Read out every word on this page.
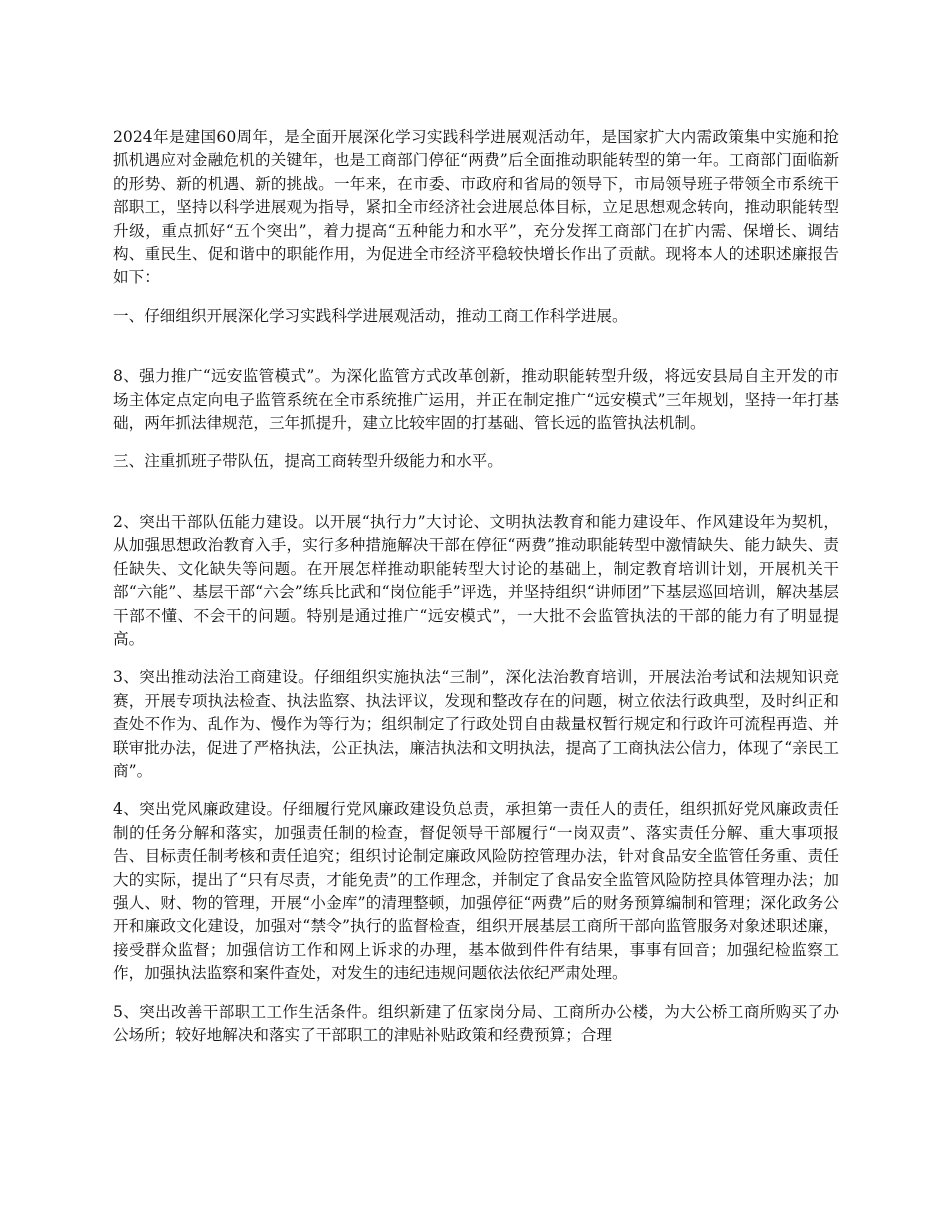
2024年是建国60周年，是全面开展深化学习实践科学进展观活动年，是国家扩大内需政策集中实施和抢抓机遇应对金融危机的关键年，也是工商部门停征“两费”后全面推动职能转型的第一年。工商部门面临新的形势、新的机遇、新的挑战。一年来，在市委、市政府和省局的领导下，市局领导班子带领全市系统干部职工，坚持以科学进展观为指导，紧扣全市经济社会进展总体目标，立足思想观念转向，推动职能转型升级，重点抓好“五个突出”，着力提高“五种能力和水平”，充分发挥工商部门在扩内需、保增长、调结构、重民生、促和谐中的职能作用，为促进全市经济平稳较快增长作出了贡献。现将本人的述职述廉报告如下：

一、仔细组织开展深化学习实践科学进展观活动，推动工商工作科学进展。

8、强力推广“远安监管模式”。为深化监管方式改革创新，推动职能转型升级，将远安县局自主开发的市场主体定点定向电子监管系统在全市系统推广运用，并正在制定推广“远安模式”三年规划，坚持一年打基础，两年抓法律规范，三年抓提升，建立比较牢固的打基础、管长远的监管执法机制。

三、注重抓班子带队伍，提高工商转型升级能力和水平。

2、突出干部队伍能力建设。以开展“执行力”大讨论、文明执法教育和能力建设年、作风建设年为契机，从加强思想政治教育入手，实行多种措施解决干部在停征“两费”推动职能转型中激情缺失、能力缺失、责任缺失、文化缺失等问题。在开展怎样推动职能转型大讨论的基础上，制定教育培训计划，开展机关干部“六能”、基层干部“六会”练兵比武和“岗位能手”评选，并坚持组织“讲师团”下基层巡回培训，解决基层干部不懂、不会干的问题。特别是通过推广“远安模式”，一大批不会监管执法的干部的能力有了明显提高。

3、突出推动法治工商建设。仔细组织实施执法“三制”，深化法治教育培训，开展法治考试和法规知识竞赛，开展专项执法检查、执法监察、执法评议，发现和整改存在的问题，树立依法行政典型，及时纠正和查处不作为、乱作为、慢作为等行为；组织制定了行政处罚自由裁量权暂行规定和行政许可流程再造、并联审批办法，促进了严格执法，公正执法，廉洁执法和文明执法，提高了工商执法公信力，体现了“亲民工商”。

4、突出党风廉政建设。仔细履行党风廉政建设负总责，承担第一责任人的责任，组织抓好党风廉政责任制的任务分解和落实，加强责任制的检查，督促领导干部履行“一岗双责”、落实责任分解、重大事项报告、目标责任制考核和责任追究；组织讨论制定廉政风险防控管理办法，针对食品安全监管任务重、责任大的实际，提出了“只有尽责，才能免责”的工作理念，并制定了食品安全监管风险防控具体管理办法；加强人、财、物的管理，开展“小金库”的清理整顿，加强停征“两费”后的财务预算编制和管理；深化政务公开和廉政文化建设，加强对“禁令”执行的监督检查，组织开展基层工商所干部向监管服务对象述职述廉，接受群众监督；加强信访工作和网上诉求的办理，基本做到件件有结果，事事有回音；加强纪检监察工作，加强执法监察和案件查处，对发生的违纪违规问题依法依纪严肃处理。

5、突出改善干部职工工作生活条件。组织新建了伍家岗分局、工商所办公楼，为大公桥工商所购买了办公场所；较好地解决和落实了干部职工的津贴补贴政策和经费预算；合理
